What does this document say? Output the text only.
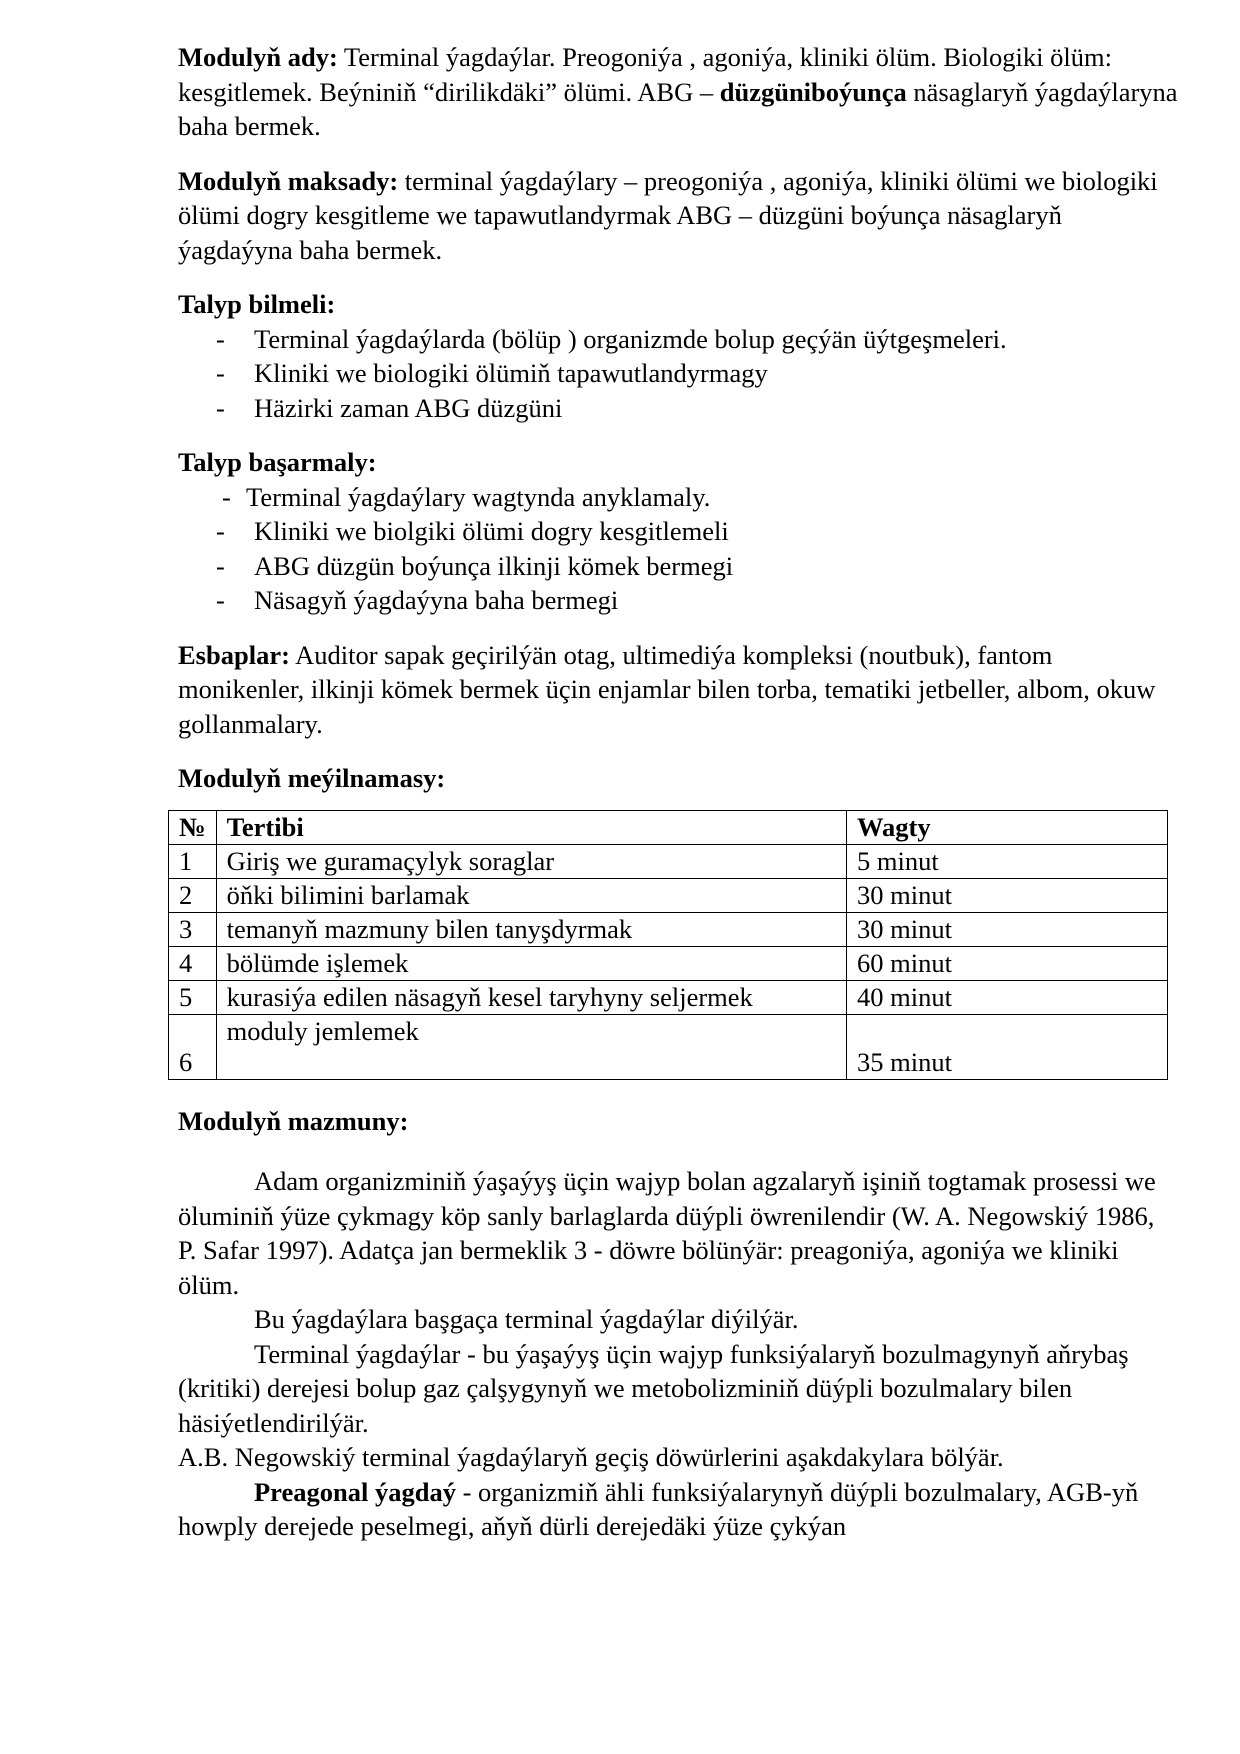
Modulyň ady: Terminal ýagdaýlar. Preogoniýa , agoniýa, kliniki ölüm. Biologiki ölüm: kesgitlemek. Beýniniň “dirilikdäki” ölümi. ABG – düzgüniboýunça näsaglaryň ýagdaýlaryna baha bermek.

Modulyň maksady: terminal ýagdaýlary – preogoniýa , agoniýa, kliniki ölümi we biologiki ölümi dogry kesgitleme we tapawutlandyrmak ABG – düzgüni boýunça näsaglaryň ýagdaýyna baha bermek.

Talyp bilmeli:

- Terminal ýagdaýlarda (bölüp ) organizmde bolup geçýän üýtgeşmeleri.
- Kliniki we biologiki ölümiň tapawutlandyrmagy
- Häzirki zaman ABG düzgüni

Talyp başarmaly:

- Terminal ýagdaýlary wagtynda anyklamaly.
- Kliniki we biolgiki ölümi dogry kesgitlemeli
- ABG düzgün boýunça ilkinji kömek bermegi
- Näsagyň ýagdaýyna baha bermegi

Esbaplar: Auditor sapak geçirilýän otag, ultimediýa kompleksi (noutbuk), fantom monikenler, ilkinji kömek bermek üçin enjamlar bilen torba, tematiki jetbeller, albom, okuw gollanmalary.

Modulyň meýilnamasy:

№	Tertibi	Wagty
1	Giriş we guramaçylyk soraglar	5 minut
2	öňki bilimini barlamak	30 minut
3	temanyň mazmuny bilen tanyşdyrmak	30 minut
4	bölümde işlemek	60 minut
5	kurasiýa edilen näsagyň kesel taryhyny seljermek	40 minut
6	moduly jemlemek	35 minut

Modulyň mazmuny:

Adam organizminiň ýaşaýyş üçin wajyp bolan agzalaryň işiniň togtamak prosessi we öluminiň ýüze çykmagy köp sanly barlaglarda düýpli öwrenilendir (W. A. Negowskiý 1986, P. Safar 1997). Adatça jan bermeklik 3 - döwre bölünýär: preagoniýa, agoniýa we kliniki ölüm.

Bu ýagdaýlara başgaça terminal ýagdaýlar diýilýär.

Terminal ýagdaýlar - bu ýaşaýyş üçin wajyp funksiýalaryň bozulmagynyň aňrybaş (kritiki) derejesi bolup gaz çalşygynyň we metobolizminiň düýpli bozulmalary bilen häsiýetlendirilýär.

A.B. Negowskiý terminal ýagdaýlaryň geçiş döwürlerini aşakdakylara bölýär.

Preagonal ýagdaý - organizmiň ähli funksiýalarynyň düýpli bozulmalary, AGB-yň howply derejede peselmegi, aňyň dürli derejedäki ýüze çykýan
